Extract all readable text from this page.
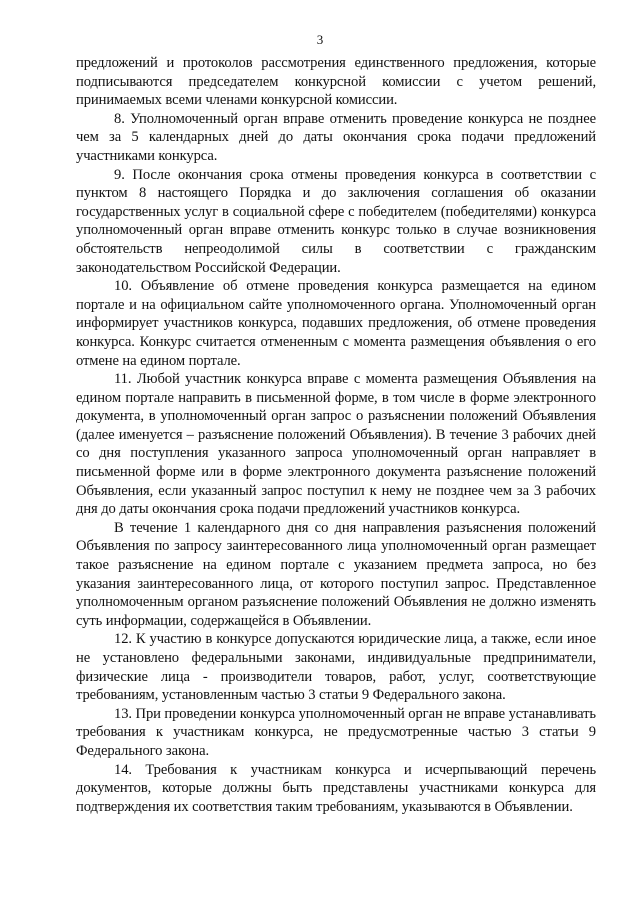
3

предложений и протоколов рассмотрения единственного предложения, которые подписываются председателем конкурсной комиссии с учетом решений, принимаемых всеми членами конкурсной комиссии.

8. Уполномоченный орган вправе отменить проведение конкурса не позднее чем за 5 календарных дней до даты окончания срока подачи предложений участниками конкурса.

9. После окончания срока отмены проведения конкурса в соответствии с пунктом 8 настоящего Порядка и до заключения соглашения об оказании государственных услуг в социальной сфере с победителем (победителями) конкурса уполномоченный орган вправе отменить конкурс только в случае возникновения обстоятельств непреодолимой силы в соответствии с гражданским законодательством Российской Федерации.

10. Объявление об отмене проведения конкурса размещается на едином портале и на официальном сайте уполномоченного органа. Уполномоченный орган информирует участников конкурса, подавших предложения, об отмене проведения конкурса. Конкурс считается отмененным с момента размещения объявления о его отмене на едином портале.

11. Любой участник конкурса вправе с момента размещения Объявления на едином портале направить в письменной форме, в том числе в форме электронного документа, в уполномоченный орган запрос о разъяснении положений Объявления (далее именуется – разъяснение положений Объявления). В течение 3 рабочих дней со дня поступления указанного запроса уполномоченный орган направляет в письменной форме или в форме электронного документа разъяснение положений Объявления, если указанный запрос поступил к нему не позднее чем за 3 рабочих дня до даты окончания срока подачи предложений участников конкурса.

В течение 1 календарного дня со дня направления разъяснения положений Объявления по запросу заинтересованного лица уполномоченный орган размещает такое разъяснение на едином портале с указанием предмета запроса, но без указания заинтересованного лица, от которого поступил запрос. Представленное уполномоченным органом разъяснение положений Объявления не должно изменять суть информации, содержащейся в Объявлении.

12. К участию в конкурсе допускаются юридические лица, а также, если иное не установлено федеральными законами, индивидуальные предприниматели, физические лица - производители товаров, работ, услуг, соответствующие требованиям, установленным частью 3 статьи 9 Федерального закона.

13. При проведении конкурса уполномоченный орган не вправе устанавливать требования к участникам конкурса, не предусмотренные частью 3 статьи 9 Федерального закона.

14. Требования к участникам конкурса и исчерпывающий перечень документов, которые должны быть представлены участниками конкурса для подтверждения их соответствия таким требованиям, указываются в Объявлении.
